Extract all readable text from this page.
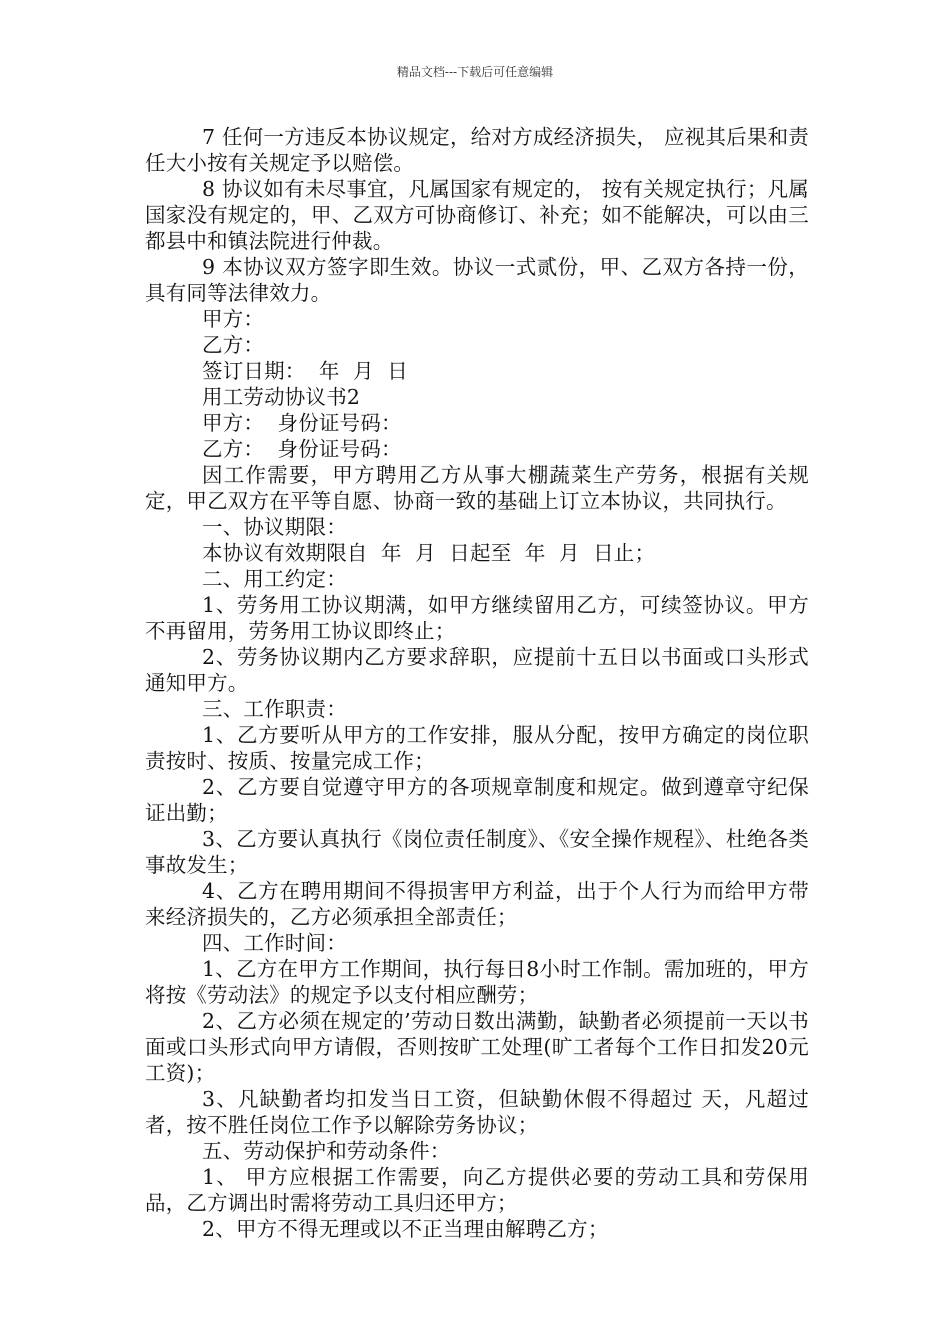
精品文档---下载后可任意编辑

7 任何一方违反本协议规定，给对方成经济损失， 应视其后果和责任大小按有关规定予以赔偿。

8 协议如有未尽事宜，凡属国家有规定的， 按有关规定执行；凡属国家没有规定的，甲、乙双方可协商修订、补充；如不能解决，可以由三都县中和镇法院进行仲裁。

9 本协议双方签字即生效。协议一式贰份，甲、乙双方各持一份，具有同等法律效力。

甲方：

乙方：

签订日期：  年  月  日

用工劳动协议书2

甲方：  身份证号码：

乙方：  身份证号码：

因工作需要，甲方聘用乙方从事大棚蔬菜生产劳务，根据有关规定，甲乙双方在平等自愿、协商一致的基础上订立本协议，共同执行。

一、协议期限：

本协议有效期限自  年  月  日起至  年  月  日止；

二、用工约定：

1、劳务用工协议期满，如甲方继续留用乙方，可续签协议。甲方不再留用，劳务用工协议即终止；

2、劳务协议期内乙方要求辞职，应提前十五日以书面或口头形式通知甲方。

三、工作职责：

1、乙方要听从甲方的工作安排，服从分配，按甲方确定的岗位职责按时、按质、按量完成工作；

2、乙方要自觉遵守甲方的各项规章制度和规定。做到遵章守纪保证出勤；

3、乙方要认真执行《岗位责任制度》、《安全操作规程》、杜绝各类事故发生；

4、乙方在聘用期间不得损害甲方利益，出于个人行为而给甲方带来经济损失的，乙方必须承担全部责任；

四、工作时间：

1、乙方在甲方工作期间，执行每日8小时工作制。需加班的，甲方将按《劳动法》的规定予以支付相应酬劳；

2、乙方必须在规定的’劳动日数出满勤，缺勤者必须提前一天以书面或口头形式向甲方请假，否则按旷工处理(旷工者每个工作日扣发20元工资)；

3、凡缺勤者均扣发当日工资，但缺勤休假不得超过 天，凡超过者，按不胜任岗位工作予以解除劳务协议；

五、劳动保护和劳动条件：

1、 甲方应根据工作需要，向乙方提供必要的劳动工具和劳保用品，乙方调出时需将劳动工具归还甲方；

2、甲方不得无理或以不正当理由解聘乙方；
